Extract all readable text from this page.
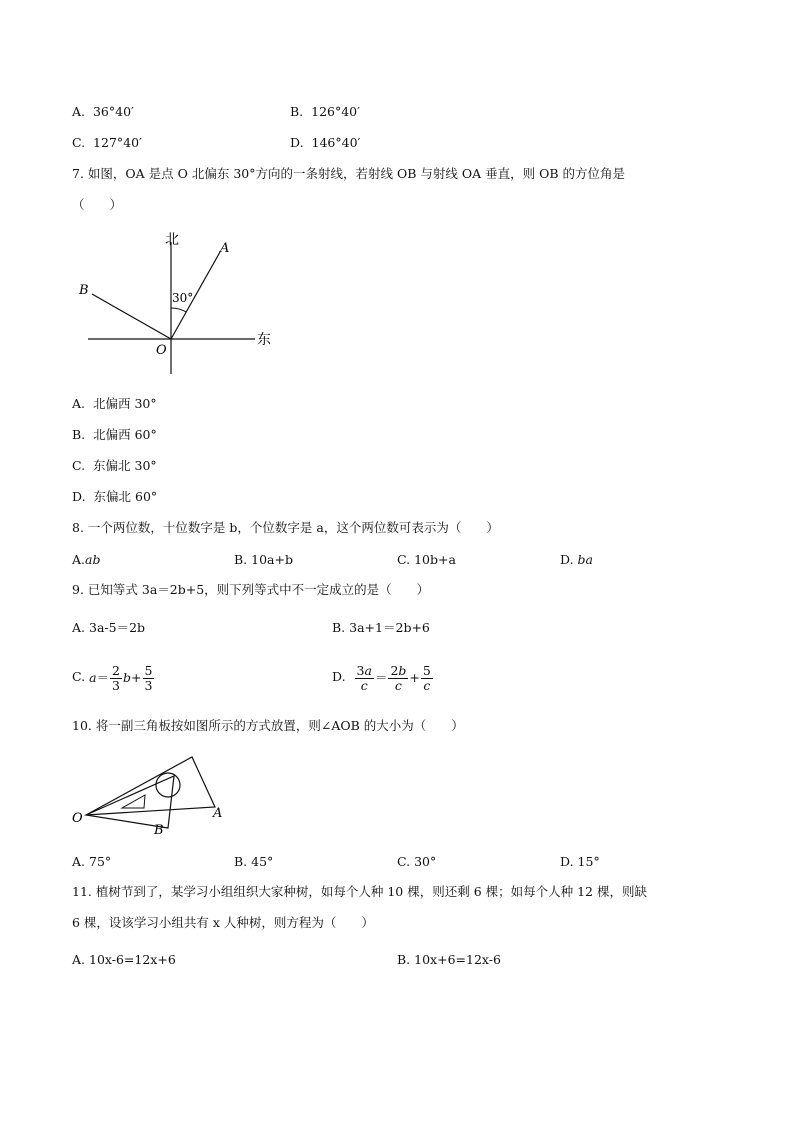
A. 36°40′	B. 126°40′
C. 127°40′	D. 146°40′
7. 如图，OA 是点 O 北偏东 30°方向的一条射线，若射线 OB 与射线 OA 垂直，则 OB 的方位角是
（　　）
北
东
A
B
O
30°
A. 北偏西 30°
B. 北偏西 60°
C. 东偏北 30°
D. 东偏北 60°
8. 一个两位数，十位数字是 b，个位数字是 a，这个两位数可表示为（　　）
A.ab	B. 10a+b	C. 10b+a	D. ba
9. 已知等式 3a＝2b+5，则下列等式中不一定成立的是（　　）
A. 3a-5＝2b	B. 3a+1＝2b+6
C. $a= \frac{2}{3} b+ \frac{5}{3}$	D. $\frac{3a}{c} = \frac{2b}{c} + \frac{5}{c}$
10. 将一副三角板按如图所示的方式放置，则∠AOB 的大小为（　　）
O	A
B
A. 75°	B. 45°	C. 30°	D. 15°
11. 植树节到了，某学习小组组织大家种树，如每个人种 10 棵，则还剩 6 棵；如每个人种 12 棵，则缺
6 棵，设该学习小组共有 x 人种树，则方程为（　　）
A. 10x-6=12x+6	B. 10x+6=12x-6
